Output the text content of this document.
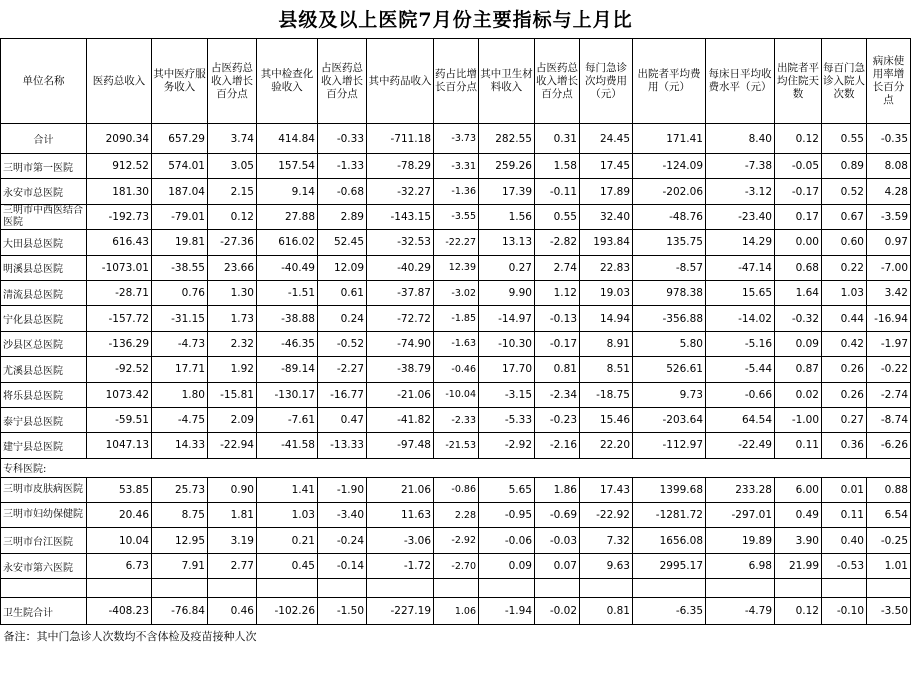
县级及以上医院7月份主要指标与上月比
单位名称	医药总收入	其中医疗服务收入	占医药总收入增长百分点	其中检查化验收入	占医药总收入增长百分点	其中药品收入	药占比增长百分点	其中卫生材料收入	占医药总收入增长百分点	每门急诊次均费用（元）	出院者平均费用（元）	每床日平均收费水平（元）	出院者平均住院天数	每百门急诊入院人次数	病床使用率增长百分点
合计	2090.34	657.29	3.74	414.84	-0.33	-711.18	-3.73	282.55	0.31	24.45	171.41	8.40	0.12	0.55	-0.35
三明市第一医院	912.52	574.01	3.05	157.54	-1.33	-78.29	-3.31	259.26	1.58	17.45	-124.09	-7.38	-0.05	0.89	8.08
永安市总医院	181.30	187.04	2.15	9.14	-0.68	-32.27	-1.36	17.39	-0.11	17.89	-202.06	-3.12	-0.17	0.52	4.28
三明市中西医结合医院	-192.73	-79.01	0.12	27.88	2.89	-143.15	-3.55	1.56	0.55	32.40	-48.76	-23.40	0.17	0.67	-3.59
大田县总医院	616.43	19.81	-27.36	616.02	52.45	-32.53	-22.27	13.13	-2.82	193.84	135.75	14.29	0.00	0.60	0.97
明溪县总医院	-1073.01	-38.55	23.66	-40.49	12.09	-40.29	12.39	0.27	2.74	22.83	-8.57	-47.14	0.68	0.22	-7.00
清流县总医院	-28.71	0.76	1.30	-1.51	0.61	-37.87	-3.02	9.90	1.12	19.03	978.38	15.65	1.64	1.03	3.42
宁化县总医院	-157.72	-31.15	1.73	-38.88	0.24	-72.72	-1.85	-14.97	-0.13	14.94	-356.88	-14.02	-0.32	0.44	-16.94
沙县区总医院	-136.29	-4.73	2.32	-46.35	-0.52	-74.90	-1.63	-10.30	-0.17	8.91	5.80	-5.16	0.09	0.42	-1.97
尤溪县总医院	-92.52	17.71	1.92	-89.14	-2.27	-38.79	-0.46	17.70	0.81	8.51	526.61	-5.44	0.87	0.26	-0.22
将乐县总医院	1073.42	1.80	-15.81	-130.17	-16.77	-21.06	-10.04	-3.15	-2.34	-18.75	9.73	-0.66	0.02	0.26	-2.74
泰宁县总医院	-59.51	-4.75	2.09	-7.61	0.47	-41.82	-2.33	-5.33	-0.23	15.46	-203.64	64.54	-1.00	0.27	-8.74
建宁县总医院	1047.13	14.33	-22.94	-41.58	-13.33	-97.48	-21.53	-2.92	-2.16	22.20	-112.97	-22.49	0.11	0.36	-6.26
专科医院:															
三明市皮肤病医院	53.85	25.73	0.90	1.41	-1.90	21.06	-0.86	5.65	1.86	17.43	1399.68	233.28	6.00	0.01	0.88
三明市妇幼保健院	20.46	8.75	1.81	1.03	-3.40	11.63	2.28	-0.95	-0.69	-22.92	-1281.72	-297.01	0.49	0.11	6.54
三明市台江医院	10.04	12.95	3.19	0.21	-0.24	-3.06	-2.92	-0.06	-0.03	7.32	1656.08	19.89	3.90	0.40	-0.25
永安市第六医院	6.73	7.91	2.77	0.45	-0.14	-1.72	-2.70	0.09	0.07	9.63	2995.17	6.98	21.99	-0.53	1.01

卫生院合计	-408.23	-76.84	0.46	-102.26	-1.50	-227.19	1.06	-1.94	-0.02	0.81	-6.35	-4.79	0.12	-0.10	-3.50
备注：其中门急诊人次数均不含体检及疫苗接种人次															
